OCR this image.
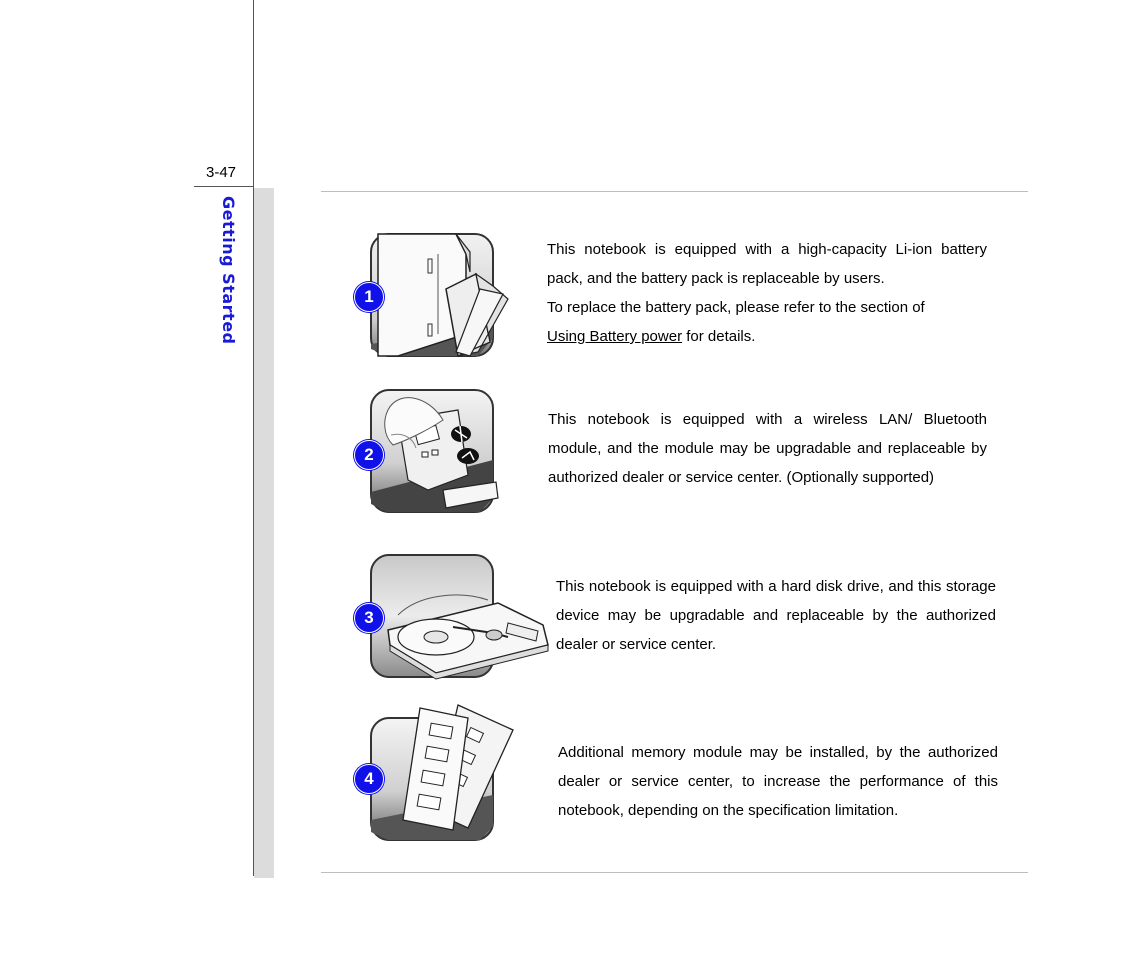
3-47
Getting Started	1

This notebook is equipped with a high-capacity Li-ion battery pack, and the battery pack is replaceable by users.

To replace the battery pack, please refer to the section of
Using Battery power for details.

2

This notebook is equipped with a wireless LAN/ Bluetooth module, and the module may be upgradable and replaceable by authorized dealer or service center. (Optionally supported)

3

This notebook is equipped with a hard disk drive, and this storage device may be upgradable and replaceable by the authorized dealer or service center.

4

Additional memory module may be installed, by the authorized dealer or service center, to increase the performance of this notebook, depending on the specification limitation.
